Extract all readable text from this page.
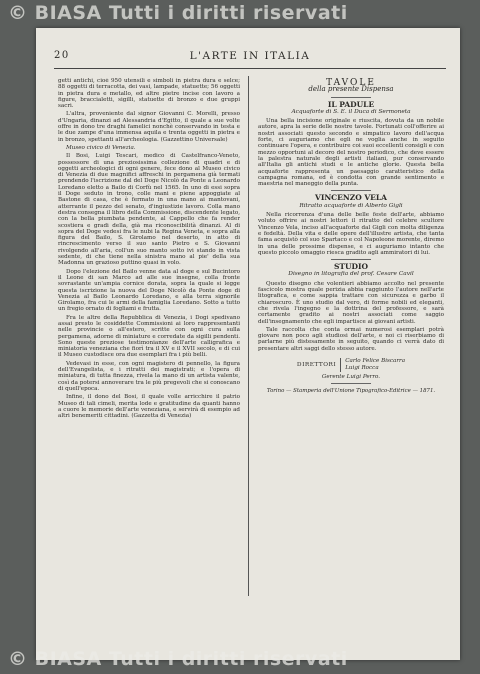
© BIASA Tutti i diritti riservati
20	L'ARTE IN ITALIA

getti antichi, cioè 950 utensili e simboli in pietra dura e selce; 88 oggetti di terracotta, dei vasi, lampade, statuette; 56 oggetti in pietra dura e metallo, ed altre pietre incise con lavoro a figure, braccialetti, sigilli, statuette di bronzo e due gruppi sacri.

L'altra, proveniente dal signor Giovanni C. Morelli, presso d'Ungaria, dinanzi ad Alessandria d'Egitto, il quale a sue volte offre in dono tre draghi famelici nonchè conservando in testa e le due zampe d'una immensa aquila e trenta oggetti in pietra e in bronzo, spettanti all'archeologia. (Gazzettino Universale)

Museo civico di Venezia.

Il Bosi, Luigi Tescari, medico di Castelfranco-Veneto, possessore di una preziosissima collezione di quadri e di oggetti archeologici di ogni genere, fece dono al Museo civico di Venezia di due magnifici affreschi in pergamena già termati prendendo l'iscrizione dal del Doge Nicolò da Ponte a Leonardo Loredano eletto a Bailo di Corfù nel 1565. In uno di essi sopra il Doge seduto in trono, colle mani e piene appoggiate al Bastone di casa, che è fermato in una mano ai mantovani, atterrante il pezzo del senato, d'ingiustizie lavoro. Colla mano destra consegna il libro della Commissione, discendente legato, con la bella piumbata pendente, al Cappello che fa render scostiera e gradi della, già ma riconoscibilità dinanzi. Al di sopra del Doge vedesi fra le nubi la Regina Veneta, e sopra alla figura del Bailo, S. Girolamo nel deserto, in atto di rincrescimento verso il suo santo Pietro e S. Giovanni rivolgendo all'aria, coll'un suo manto sotto ivi stando in vista sedente, di che tiene nella sinistra mano al pie' della sua Madonna un grazioso puttino quasi in volo.

Dopo l'elezione del Bailo venne data al doge e sul Bucintoro il Leone di san Marco ad alle sue insegne, colla fronte sovrastante un'ampia cornice dorata, sopra la quale si legge questa iscrizione la nuova del Doge Nicolò da Ponte doge di Venezia al Bailo Leonardo Loredano, e alla terra signorile Girolamo, fra cui le armi della famiglia Loredano. Sotto a tutto un fregio ornato di fogliami e frutta.

Fra le altre della Repubblica di Venezia, i Dogi spedivano assai presto le cosiddette Commissioni ai loro rappresentanti nelle provincie o all'estero, scritte con ogni cura sulla pergamena, adorne di miniature e corredate da sigilli pendenti. Sono queste preziose testimonianze dell'arte calligrafica e miniatoria veneziana che fiorì tra il XV e il XVII secolo, e di cui il Museo custodisce ora due esemplari fra i più belli.

Vedevasi in esse, con ogni magistero di pennello, la figura dell'Evangelista, e i ritratti dei magistrati; e l'opera di miniatura, di tutta finezza, rivela la mano di un artista valente, così da potersi annoverare tra le più pregevoli che si conoscano di quell'epoca.

Infine, il dono del Bosi, il quale volle arricchire il patrio Museo di tali cimeli, merita lode e gratitudine da quanti hanno a cuore le memorie dell'arte veneziana, e servirà di esempio ad altri benemeriti cittadini. (Gazzetta di Venezia)

TAVOLE
della presente Dispensa
IL PADULE
Acquaforte di S. E. il Duca di Sermoneta

Una bella incisione originale e riuscita, dovuta da un nobile autore, apra la serie delle nostre tavole. Fortunati coll'offerire ai nostri associati questo secondo e simpatico lavoro dell'acqua forte, ci auguriamo che egli ne voglia anche in seguito continuare l'opera, e contribuire coi suoi eccellenti consigli e con mezzo opportuni al decoro del nostro periodico, che deve essere la palestra naturale degli artisti italiani, pur conservando all'Italia gli antichi studi e le antiche glorie. Questa bella acquaforte rappresenta un paesaggio caratteristico della campagna romana, ed è condotta con grande sentimento e maestria nel maneggio della punta.

VINCENZO VELA
Ritratto acquaforte di Alberto Gigli

Nella ricorrenza d'una delle belle feste dell'arte, abbiamo voluto offrire ai nostri lettori il ritratto del celebre scultore Vincenzo Vela, inciso all'acquaforte dal Gigli con molta diligenza e fedeltà. Della vita e delle opere dell'illustre artista, che tanta fama acquistò col suo Spartaco e col Napoleone morente, diremo in una delle prossime dispense, e ci auguriamo intanto che questo piccolo omaggio riesca gradito agli ammiratori di lui.

STUDIO
Disegno in litografia del prof. Cesare Cavil

Questo disegno che volentieri abbiamo accolto nel presente fascicolo mostra quale perizia abbia raggiunto l'autore nell'arte litografica, e come sappia trattare con sicurezza e garbo il chiaroscuro. È uno studio dal vero, di forme nobili ed eleganti, che rivela l'ingegno e la dottrina del professore, e sarà certamente gradito ai nostri associati come saggio dell'insegnamento che egli impartisce ai giovani artisti.

Tale raccolta che conta ormai numerosi esemplari potrà giovare non poco agli studiosi dell'arte, e noi ci riserbiamo di parlarne più distesamente in seguito, quando ci verrà dato di presentare altri saggi dello stesso autore.

DIRETTORI
Carlo Felice Biscarra
Luigi Rocca
Gerente Luigi Perro.
Torino — Stamperia dell'Unione Tipografico-Editrice — 1871.
© BIASA Tutti i diritti riservati
